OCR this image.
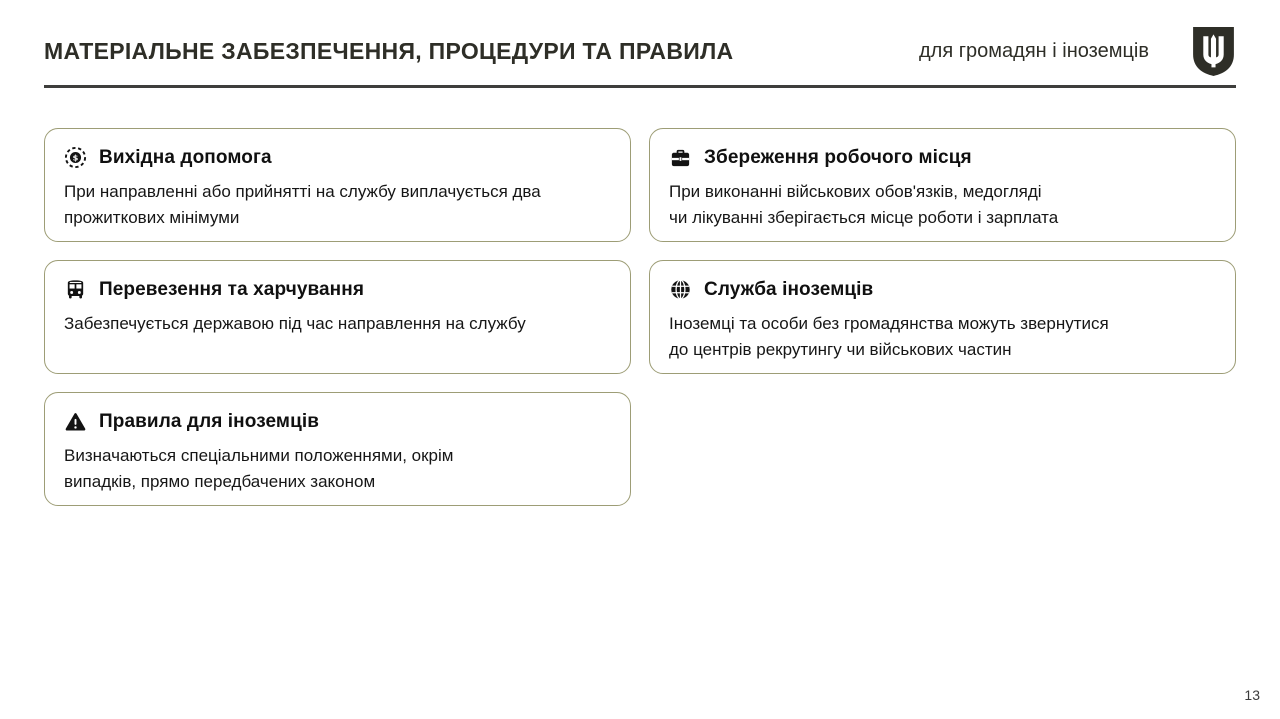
МАТЕРІАЛЬНЕ ЗАБЕЗПЕЧЕННЯ, ПРОЦЕДУРИ ТА ПРАВИЛА	для громадян і іноземців
$ Вихідна допомога

При направленні або прийнятті на службу виплачується два
прожиткових мінімуми

Збереження робочого місця

При виконанні військових обов'язків, медогляді
чи лікуванні зберігається місце роботи і зарплата

Перевезення та харчування

Забезпечується державою під час направлення на службу

Служба іноземців

Іноземці та особи без громадянства можуть звернутися
до центрів рекрутингу чи військових частин

Правила для іноземців

Визначаються спеціальними положеннями, окрім
випадків, прямо передбачених законом

13
